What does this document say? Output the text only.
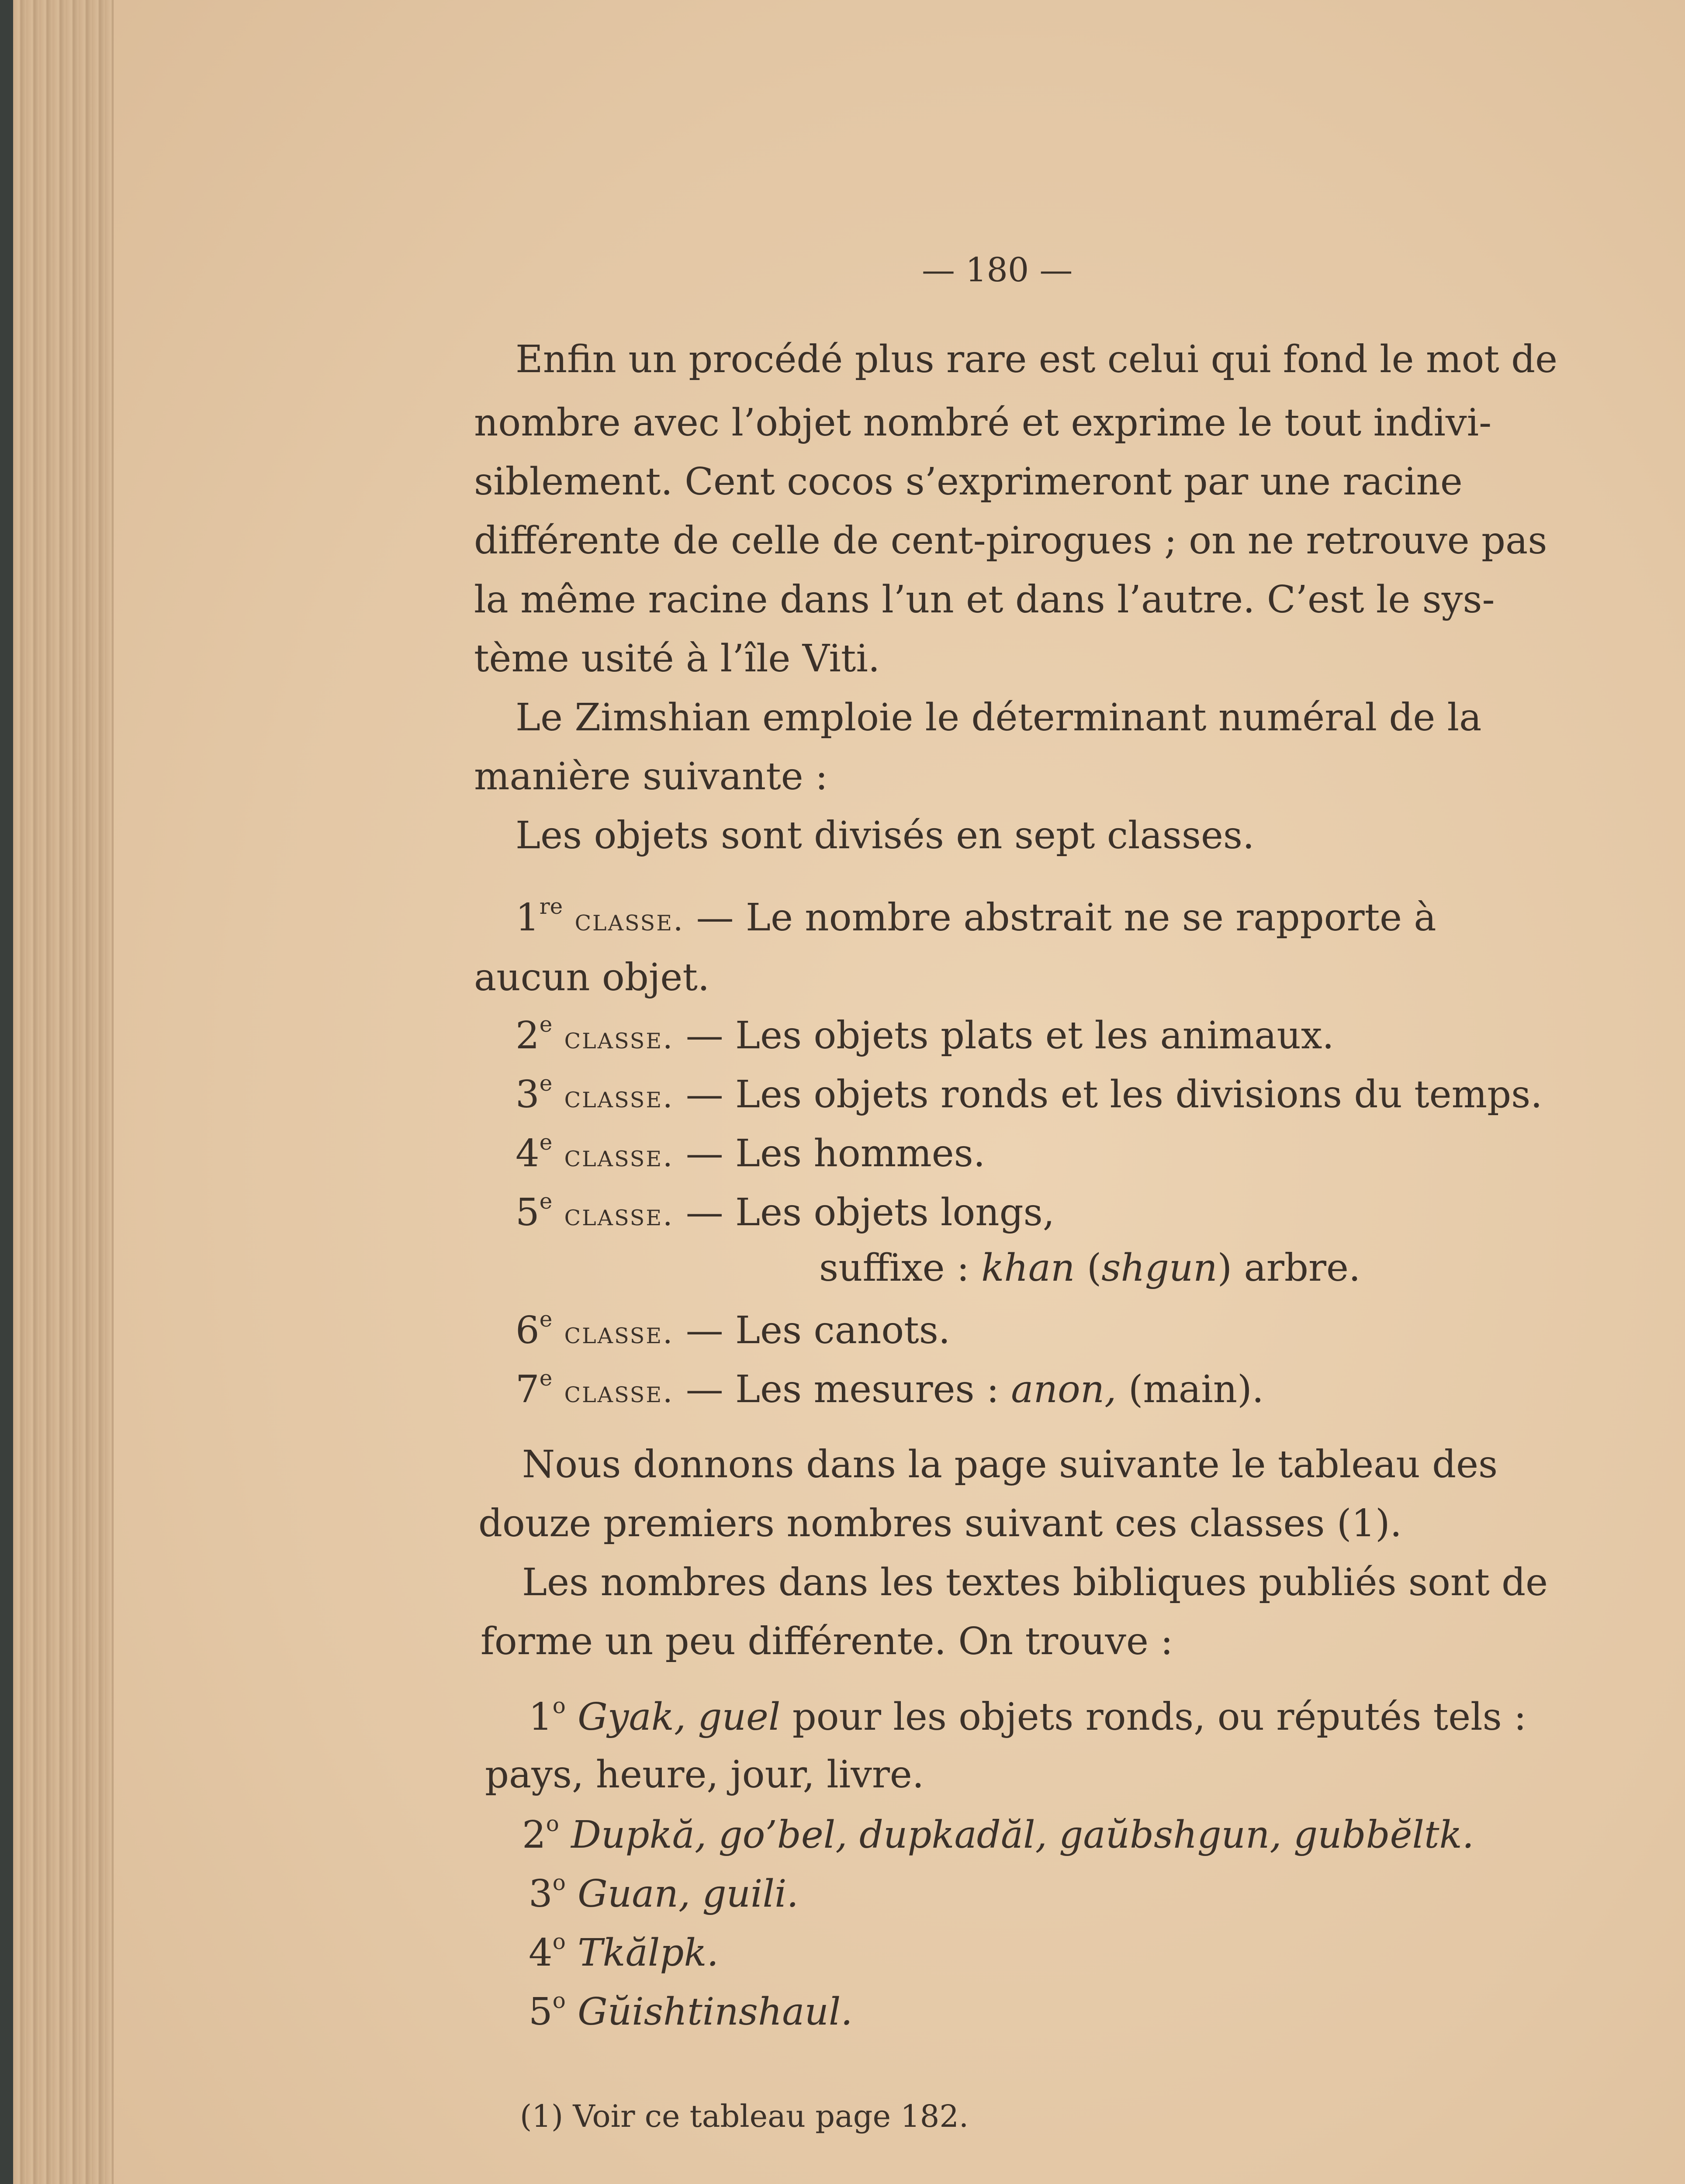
— 180 —
Enfin un procédé plus rare est celui qui fond le mot de
nombre avec l’objet nombré et exprime le tout indivi-
siblement. Cent cocos s’exprimeront par une racine
différente de celle de cent-pirogues ; on ne retrouve pas
la même racine dans l’un et dans l’autre. C’est le sys-
tème usité à l’île Viti.
Le Zimshian emploie le déterminant numéral de la
manière suivante :
Les objets sont divisés en sept classes.
1re classe. — Le nombre abstrait ne se rapporte à
aucun objet.
2e classe. — Les objets plats et les animaux.
3e classe. — Les objets ronds et les divisions du temps.
4e classe. — Les hommes.
5e classe. — Les objets longs,
suffixe : khan (shgun) arbre.
6e classe. — Les canots.
7e classe. — Les mesures : anon, (main).
Nous donnons dans la page suivante le tableau des
douze premiers nombres suivant ces classes (1).
Les nombres dans les textes bibliques publiés sont de
forme un peu différente. On trouve :
1$^o$ Gyak, guel pour les objets ronds, ou réputés tels :
pays, heure, jour, livre.
2$^o$ Dupkă, go’bel, dupkadăl, gaŭbshgun, gubbĕltk.
3$^o$ Guan, guili.
4$^o$ Tkălpk.
5$^o$ Gŭishtinshaul.
(1) Voir ce tableau page 182.
